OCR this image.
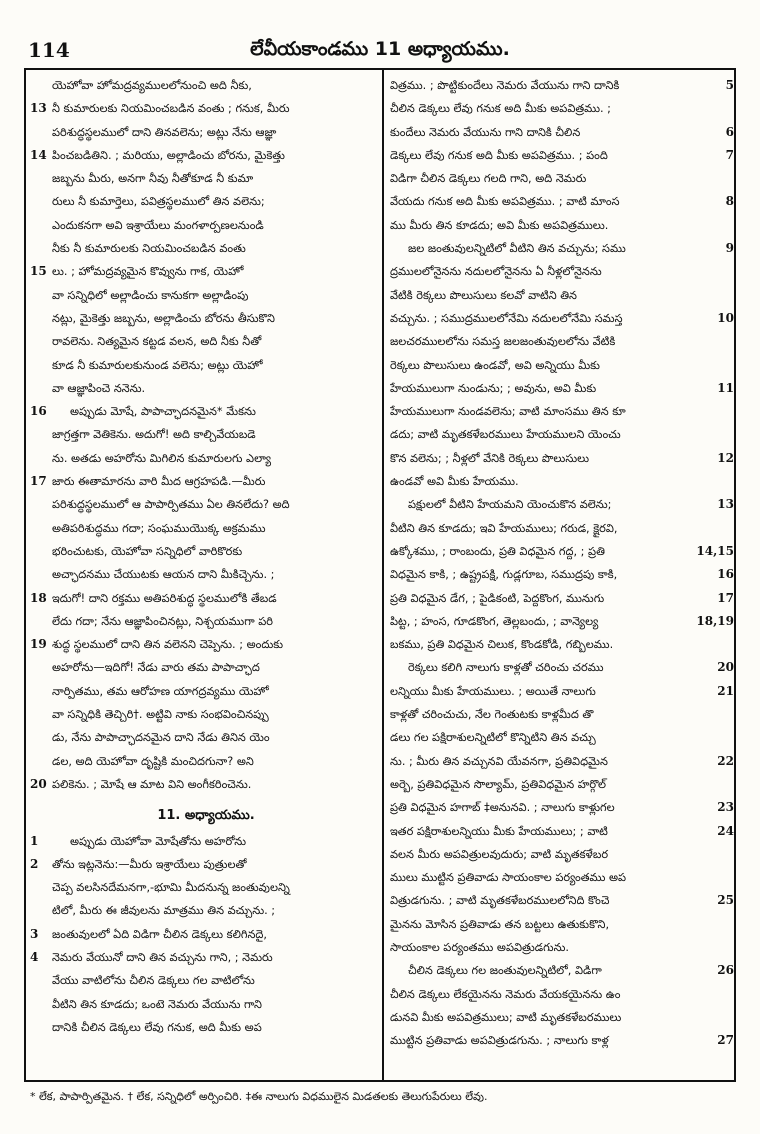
114	లేవీయకాండము 11 అధ్యాయము.
యెహోవా హోమద్రవ్యములలోనుంచి అది నీకు,
13 నీ కుమారులకు నియమించబడిన వంతు ; గనుక, మీరు
పరిశుద్ధస్థలములో దాని తినవలెను; అట్లు నేను ఆజ్ఞా
14 పించబడితిని. ; మరియు, అల్లాడించు బోరను, మైకెత్తు
జబ్బను మీరు, అనగా నీవు నీతోకూడ నీ కుమా
రులు నీ కుమార్తెలు, పవిత్రస్థలములో తిన వలెను;
ఎందుకనగా అవి ఇశ్రాయేలు మంగళార్పణలనుండి
నీకు నీ కుమారులకు నియమించబడిన వంతు
15 లు. ; హోమద్రవ్యమైన కొవ్వును గాక, యెహో
వా సన్నిధిలో అల్లాడించు కానుకగా అల్లాడింపు
నట్లు, మైకెత్తు జబ్బను, అల్లాడించు బోరను తీసుకొని
రావలెను. నిత్యమైన కట్టడ వలన, అది నీకు నీతో
కూడ నీ కుమారులకునుండ వలెను; అట్లు యెహో
వా ఆజ్ఞాపించె ననెను.
16	అప్పుడు మోషే, పాపాచ్ఛాదనమైన* మేకను
జాగ్రత్తగా వెతికెను. అదుగో! అది కాల్చివేయబడె
ను. అతడు అహరోను మిగిలిన కుమారులగు ఎల్యా
17 జారు ఈతామారను వారి మీద ఆగ్రహపడి.—మీరు
పరిశుద్ధస్థలములో ఆ పాపార్పితము ఏల తినలేదు? అది
అతిపరిశుద్ధము గదా; సంఘముయొక్క అక్రమము
భరించుటకు, యెహోవా సన్నిధిలో వారికొరకు
అచ్ఛాదనము చేయుటకు ఆయన దాని మీకిచ్చెను. ;
18 ఇదుగో! దాని రక్తము అతిపరిశుద్ధ స్థలములోకి తేబడ
లేదు గదా; నేను ఆజ్ఞాపించినట్లు, నిశ్చయముగా పరి
19 శుద్ధ స్థలములో దాని తిన వలెనని చెప్పెను. ; అందుకు
అహరోను—ఇదిగో! నేడు వారు తమ పాపాచ్ఛాద
నార్పితము, తమ ఆరోహణ యాగద్రవ్యము యెహో
వా సన్నిధికి తెచ్చిరి†. అట్టివి నాకు సంభవించినప్పు
డు, నేను పాపాచ్ఛాదనమైన దాని నేడు తినిన యెం
డల, అది యెహోవా దృష్టికి మంచిదగునా? అని
20 పలికెను. ; మోషే ఆ మాట విని అంగీకరించెను.
11. అధ్యాయము.
1	అప్పుడు యెహోవా మోషేతోను అహరోను
2	తోను ఇట్లనెను:—మీరు ఇశ్రాయేలు పుత్రులతో
చెప్ప వలసినదేమనగా,-భూమి మీదనున్న జంతువులన్ని
టిలో, మీరు ఈ జీవులను మాత్రము తిన వచ్చును. ;
3	జంతువులలో ఏది విడిగా చీలిన డెక్కలు కలిగినదై,
4	నెమరు వేయునో దాని తిన వచ్చును గాని, ; నెమరు
వేయు వాటిలోను చీలిన డెక్కలు గల వాటిలోను
వీటిని తిన కూడదు; ఒంటె నెమరు వేయును గాని
దానికి చీలిన డెక్కలు లేవు గనుక, అది మీకు అప
5
విత్రము. ; పొట్టికుందేలు నెమరు వేయును గాని దానికి
చీలిన డెక్కలు లేవు గనుక అది మీకు అపవిత్రము. ;
6
కుందేలు నెమరు వేయును గాని దానికి చీలిన
7
డెక్కలు లేవు గనుక అది మీకు అపవిత్రము. ; పంది
విడిగా చీలిన డెక్కలు గలది గాని, అది నెమరు
8
వేయదు గనుక అది మీకు అపవిత్రము. ; వాటి మాంస
ము మీరు తిన కూడదు; అవి మీకు అపవిత్రములు.
9
జల జంతువులన్నిటిలో వీటిని తిన వచ్చును; సము
ద్రములలోనైనను నదులలోనైనను ఏ నీళ్లలోనైనను
వేటికి రెక్కలు పొలుసులు కలవో వాటిని తిన
10
వచ్చును. ; సముద్రములలోనేమి నదులలోనేమి సమస్త
జలచరములలోను సమస్త జలజంతువులలోను వేటికి
రెక్కలు పొలుసులు ఉండవో, అవి అన్నియు మీకు
11
హేయములుగా నుండును; ; అవును, అవి మీకు
హేయములుగా నుండవలెను; వాటి మాంసము తిన కూ
డదు; వాటి మృతకళేబరములు హేయములని యెంచు
12
కొన వలెను; ; నీళ్లలో వేనికి రెక్కలు పొలుసులు
ఉండవో అవి మీకు హేయము.
13
పక్షులలో వీటిని హేయమని యెంచుకొన వలెను;
వీటిని తిన కూడదు; ఇవి హేయములు; గరుడ, క్షైరవి,
14,15
ఉక్కోశము, ; రాంబందు, ప్రతి విధమైన గద్ద, ; ప్రతి
16
విధమైన కాకి, ; ఉష్ట్రపక్షి, గుడ్లగూబ, సముద్రపు కాకి,
17
ప్రతి విధమైన డేగ, ; పైడికంటి, పెద్దకొంగ, మునుగు
18,19
పిట్ట, ; హంస, గూడకొంగ, తెల్లబందు, ; వాన్యెల్య
బకము, ప్రతి విధమైన చిలుక, కొండకోడి, గబ్బిలము.
20
రెక్కలు కలిగి నాలుగు కాళ్లతో చరించు చరము
21
లన్నియు మీకు హేయములు. ; అయితే నాలుగు
కాళ్లతో చరించుచు, నేల గెంతుటకు కాళ్లమీద తొ
డలు గల పక్షిరాశులన్నిటిలో కొన్నిటిని తిన వచ్చు
22
ను. ; మీరు తిన వచ్చునవి యేవనగా, ప్రతివిధమైన
అర్బె, ప్రతివిధమైన సొల్యామ్, ప్రతివిధమైన హర్గొల్
23
ప్రతి విధమైన హగాబ్ ‡అనునవి. ; నాలుగు కాళ్లుగల
24
ఇతర పక్షిరాశులన్నియు మీకు హేయములు; ; వాటి
వలన మీరు అపవిత్రులవుదురు; వాటి మృతకళేబర
ములు ముట్టిన ప్రతివాడు సాయంకాల పర్యంతము అప
25
విత్రుడగును. ; వాటి మృతకళేబరములలోనిది కొంచె
మైనను మోసిన ప్రతివాడు తన బట్టలు ఉతుకుకొని,
సాయంకాల పర్యంతము అపవిత్రుడగును.
26
చీలిన డెక్కలు గల జంతువులన్నిటిలో, విడిగా
చీలిన డెక్కలు లేకయైనను నెమరు వేయకయైనను ఉం
డునవి మీకు అపవిత్రములు; వాటి మృతకళేబరములు
27
ముట్టిన ప్రతివాడు అపవిత్రుడగును. ; నాలుగు కాళ్ల
* లేక, పాపార్పితమైన. † లేక, సన్నిధిలో అర్పించిరి. ‡ఈ నాలుగు విధములైన మిడతలకు తెలుగుపేరులు లేవు.
